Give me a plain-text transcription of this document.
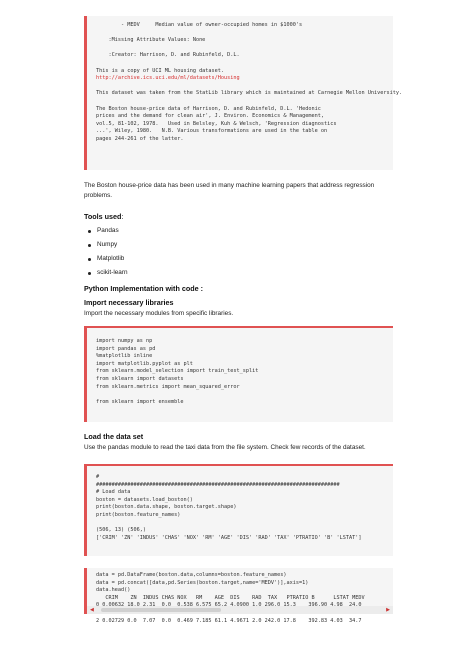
- MEDV     Median value of owner-occupied homes in $1000's
:Missing Attribute Values: None
:Creator: Harrison, D. and Rubinfeld, D.L.
This is a copy of UCI ML housing dataset.
http://archive.ics.uci.edu/ml/datasets/Housing
This dataset was taken from the StatLib library which is maintained at Carnegie Mellon University.
The Boston house-price data of Harrison, D. and Rubinfeld, D.L. 'Hedonic
prices and the demand for clean air', J. Environ. Economics & Management,
vol.5, 81-102, 1978.   Used in Belsley, Kuh & Welsch, 'Regression diagnostics
...', Wiley, 1980.   N.B. Various transformations are used in the table on
pages 244-261 of the latter.
The Boston house-price data has been used in many machine learning papers that address regression problems.
Tools used:
Pandas
Numpy
Matplotlib
scikit-learn
Python Implementation with code :
Import necessary libraries
Import the necessary modules from specific libraries.
import numpy as np
import pandas as pd
%matplotlib inline
import matplotlib.pyplot as plt
from sklearn.model_selection import train_test_split
from sklearn import datasets
from sklearn.metrics import mean_squared_error
from sklearn import ensemble
Load the data set
Use the pandas module to read the taxi data from the file system. Check few records of the dataset.
#
##############################################################################
# Load data
boston = datasets.load_boston()
print(boston.data.shape, boston.target.shape)
print(boston.feature_names)
(506, 13) (506,)
['CRIM' 'ZN' 'INDUS' 'CHAS' 'NOX' 'RM' 'AGE' 'DIS' 'RAD' 'TAX' 'PTRATIO' 'B' 'LSTAT']
data = pd.DataFrame(boston.data,columns=boston.feature_names)
data = pd.concat([data,pd.Series(boston.target,name='MEDV')],axis=1)
data.head()
CRIM    ZN  INDUS CHAS NOX   RM    AGE  DIS    RAD  TAX   PTRATIO B      LSTAT MEDV
2 0.02729 0.0  7.07  0.0  0.469 7.185 61.1 4.9671 2.0 242.0 17.8    392.83 4.03  34.7
◀	▶
